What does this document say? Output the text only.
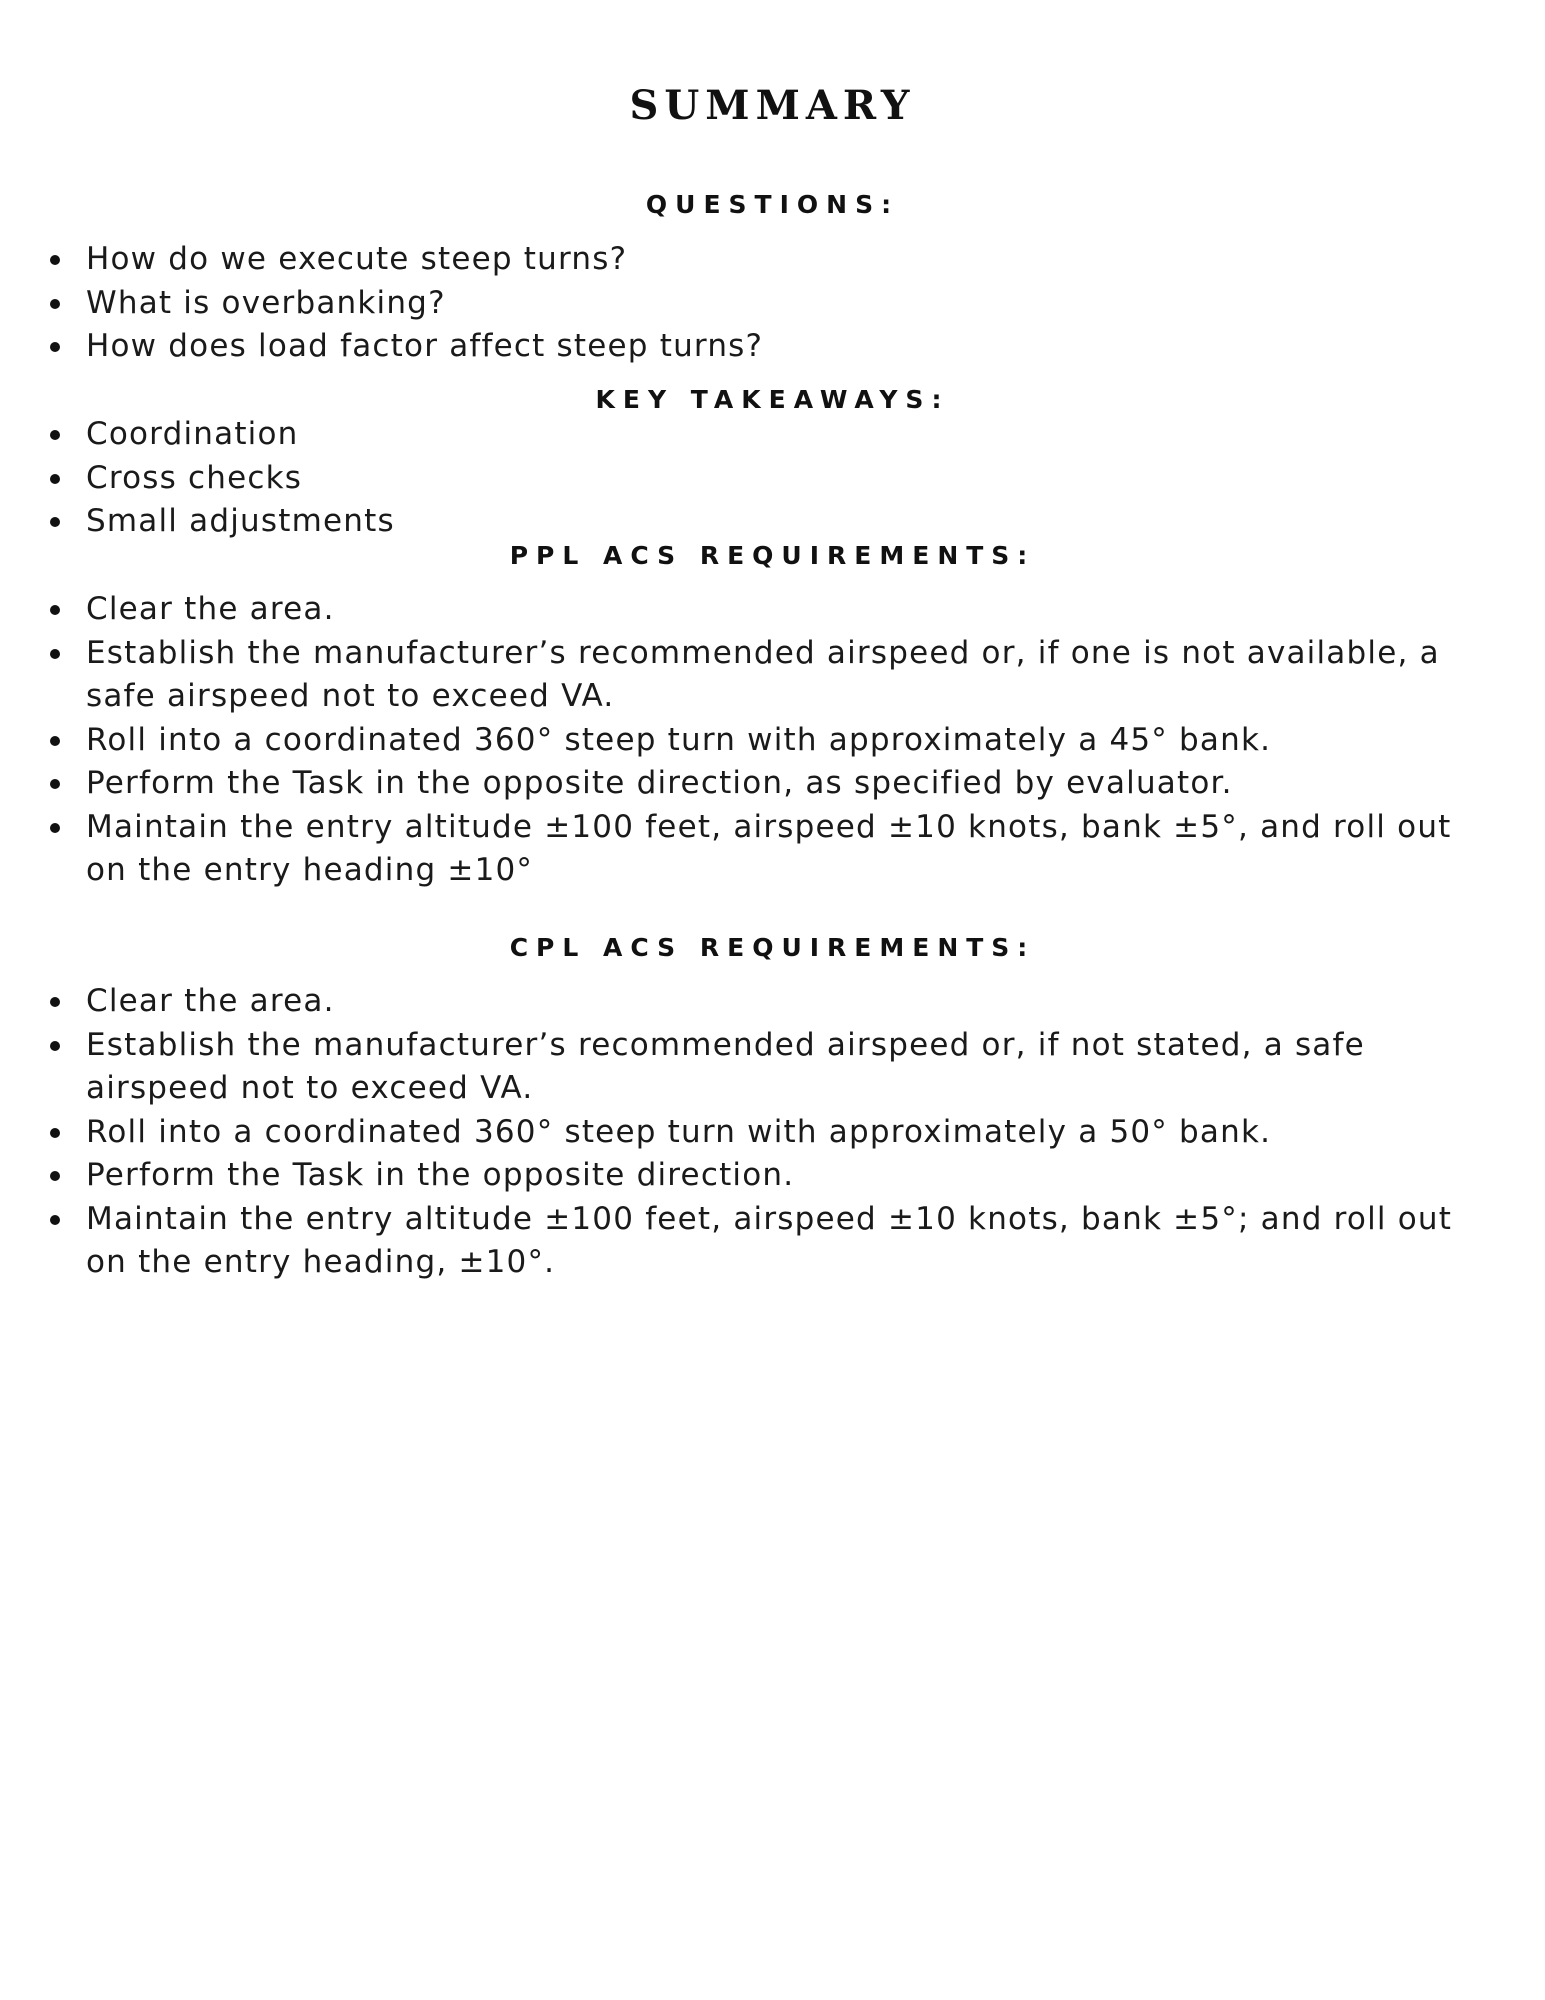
SUMMARY
QUESTIONS:
How do we execute steep turns?
What is overbanking?
How does load factor affect steep turns?
KEY TAKEAWAYS:
Coordination
Cross checks
Small adjustments
PPL ACS REQUIREMENTS:
Clear the area.
Establish the manufacturer’s recommended airspeed or, if one is not available, a safe airspeed not to exceed VA.
Roll into a coordinated 360° steep turn with approximately a 45° bank.
Perform the Task in the opposite direction, as specified by evaluator.
Maintain the entry altitude ±100 feet, airspeed ±10 knots, bank ±5°, and roll out on the entry heading ±10°
CPL ACS REQUIREMENTS:
Clear the area.
Establish the manufacturer’s recommended airspeed or, if not stated, a safe airspeed not to exceed VA.
Roll into a coordinated 360° steep turn with approximately a 50° bank.
Perform the Task in the opposite direction.
Maintain the entry altitude ±100 feet, airspeed ±10 knots, bank ±5°; and roll out on the entry heading, ±10°.
